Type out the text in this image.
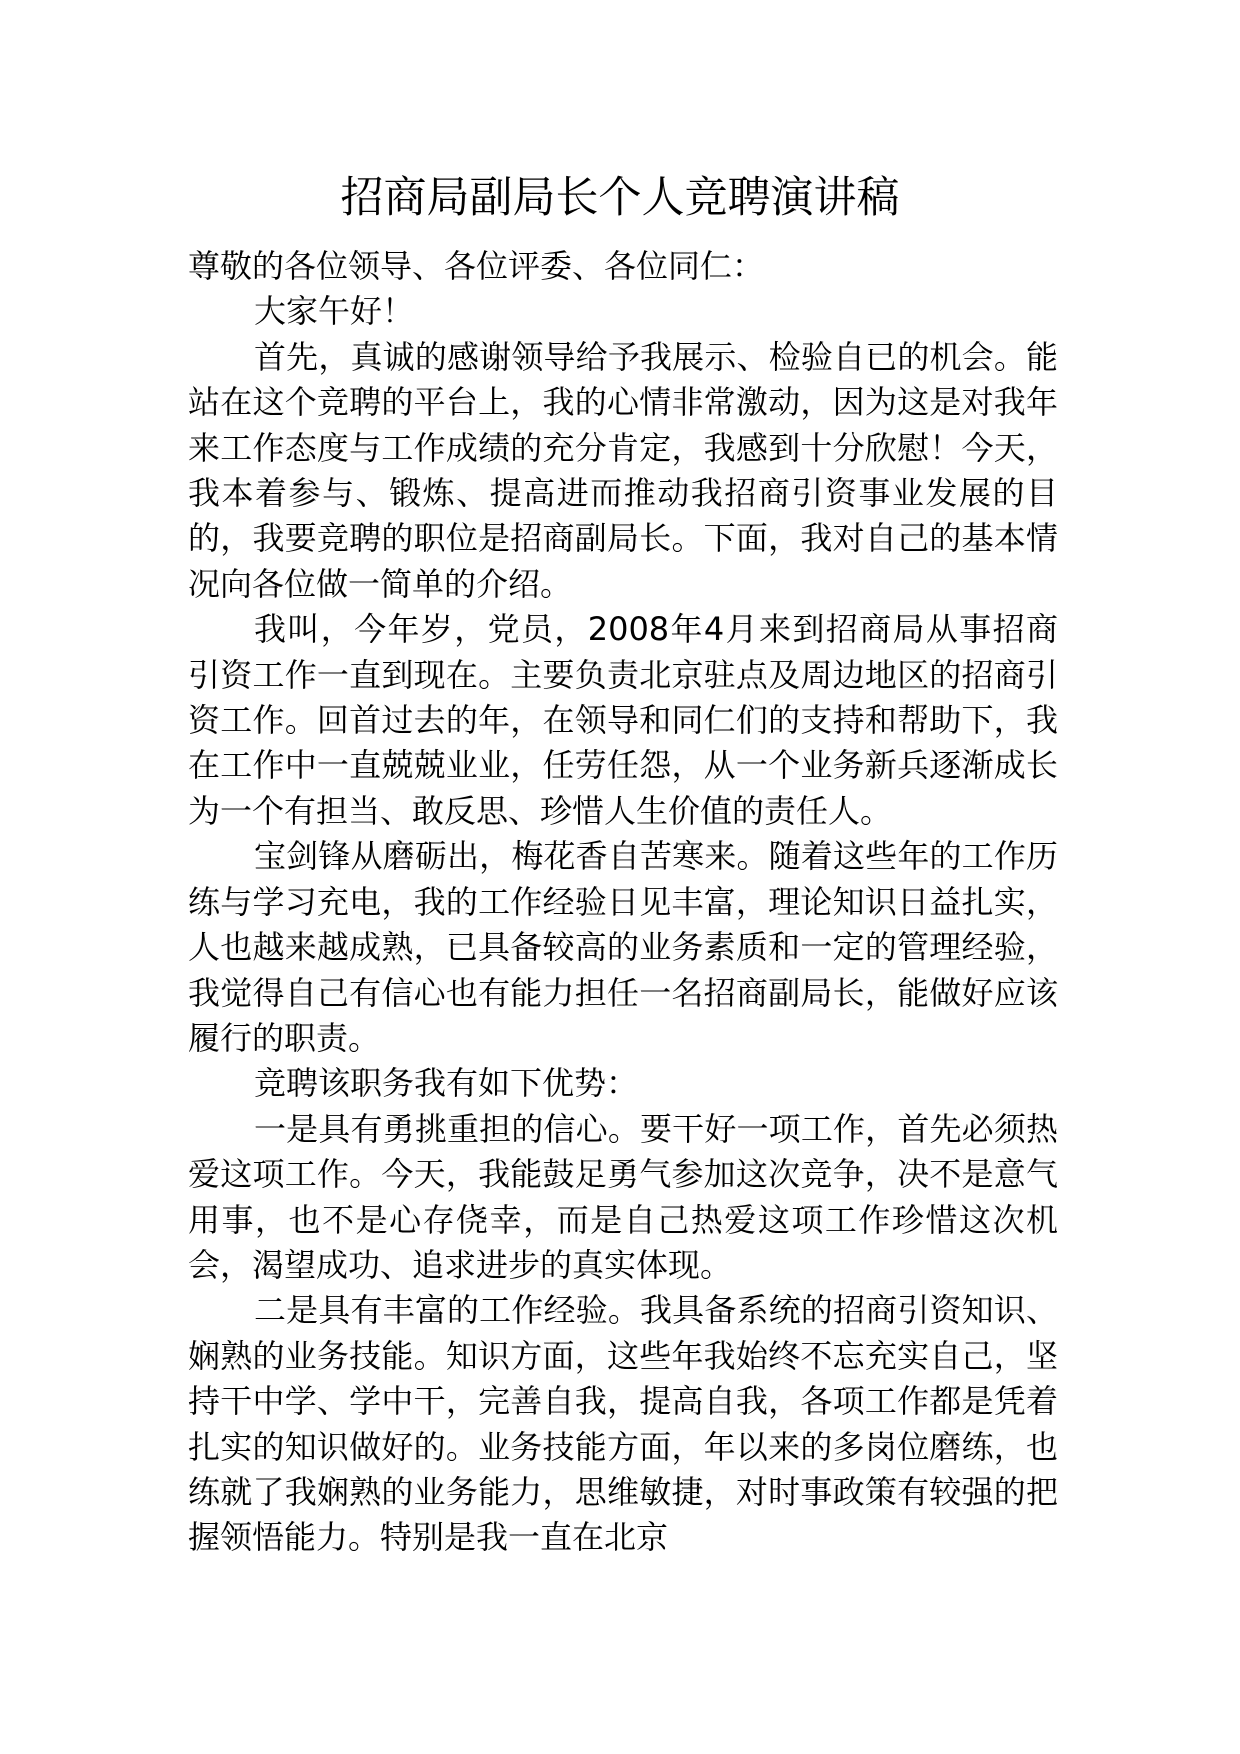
招商局副局长个人竞聘演讲稿

尊敬的各位领导、各位评委、各位同仁：

大家午好！

首先，真诚的感谢领导给予我展示、检验自已的机会。能站在这个竞聘的平台上，我的心情非常激动，因为这是对我年来工作态度与工作成绩的充分肯定，我感到十分欣慰！今天，我本着参与、锻炼、提高进而推动我招商引资事业发展的目的，我要竞聘的职位是招商副局长。下面，我对自己的基本情况向各位做一简单的介绍。

我叫，今年岁，党员，2008年4月来到招商局从事招商引资工作一直到现在。主要负责北京驻点及周边地区的招商引资工作。回首过去的年，在领导和同仁们的支持和帮助下，我在工作中一直兢兢业业，任劳任怨，从一个业务新兵逐渐成长为一个有担当、敢反思、珍惜人生价值的责任人。

宝剑锋从磨砺出，梅花香自苦寒来。随着这些年的工作历练与学习充电，我的工作经验日见丰富，理论知识日益扎实，人也越来越成熟，已具备较高的业务素质和一定的管理经验，我觉得自己有信心也有能力担任一名招商副局长，能做好应该履行的职责。

竞聘该职务我有如下优势：

一是具有勇挑重担的信心。要干好一项工作，首先必须热爱这项工作。今天，我能鼓足勇气参加这次竞争，决不是意气用事，也不是心存侥幸，而是自己热爱这项工作珍惜这次机会，渴望成功、追求进步的真实体现。

二是具有丰富的工作经验。我具备系统的招商引资知识、娴熟的业务技能。知识方面，这些年我始终不忘充实自己，坚持干中学、学中干，完善自我，提高自我，各项工作都是凭着扎实的知识做好的。业务技能方面，年以来的多岗位磨练，也练就了我娴熟的业务能力，思维敏捷，对时事政策有较强的把握领悟能力。特别是我一直在北京
